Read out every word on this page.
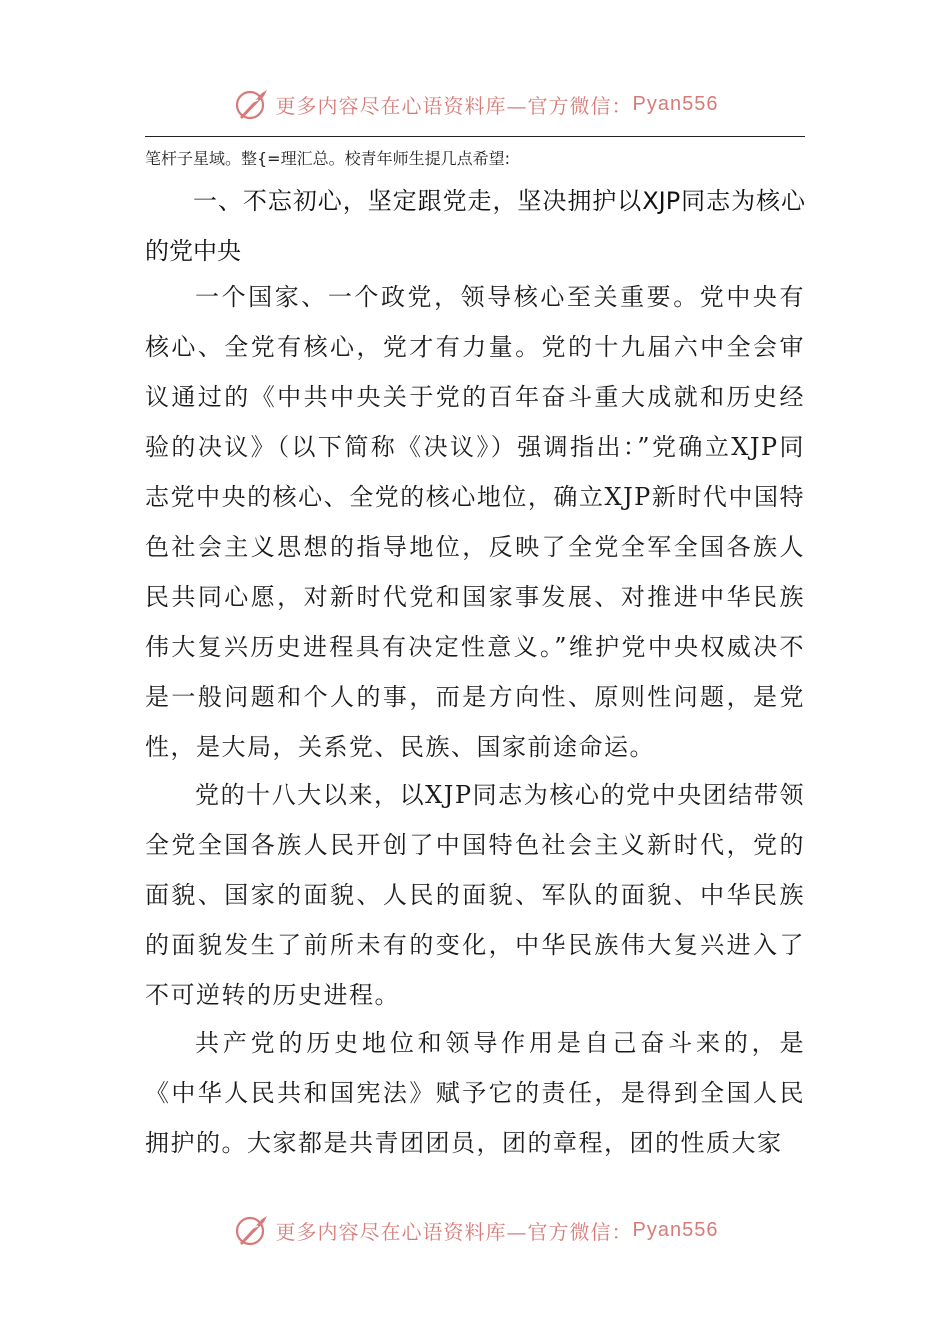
更多内容尽在心语资料库—官方微信： Pyan556
笔杆子星域。整{=理汇总。校青年师生提几点希望:
一、不忘初心，坚定跟党走，坚决拥护以XJP同志为核心的党中央

一个国家、一个政党，领导核心至关重要。党中央有核心、全党有核心，党才有力量。党的十九届六中全会审议通过的《中共中央关于党的百年奋斗重大成就和历史经验的决议》（以下简称《决议》）强调指出：”党确立XJP同志党中央的核心、全党的核心地位，确立XJP新时代中国特色社会主义思想的指导地位，反映了全党全军全国各族人民共同心愿，对新时代党和国家事发展、对推进中华民族伟大复兴历史进程具有决定性意义。”维护党中央权威决不是一般问题和个人的事，而是方向性、原则性问题，是党性，是大局，关系党、民族、国家前途命运。

党的十八大以来，以XJP同志为核心的党中央团结带领全党全国各族人民开创了中国特色社会主义新时代，党的面貌、国家的面貌、人民的面貌、军队的面貌、中华民族的面貌发生了前所未有的变化，中华民族伟大复兴进入了不可逆转的历史进程。

共产党的历史地位和领导作用是自己奋斗来的，是《中华人民共和国宪法》赋予它的责任，是得到全国人民拥护的。大家都是共青团团员，团的章程，团的性质大家

更多内容尽在心语资料库—官方微信： Pyan556
